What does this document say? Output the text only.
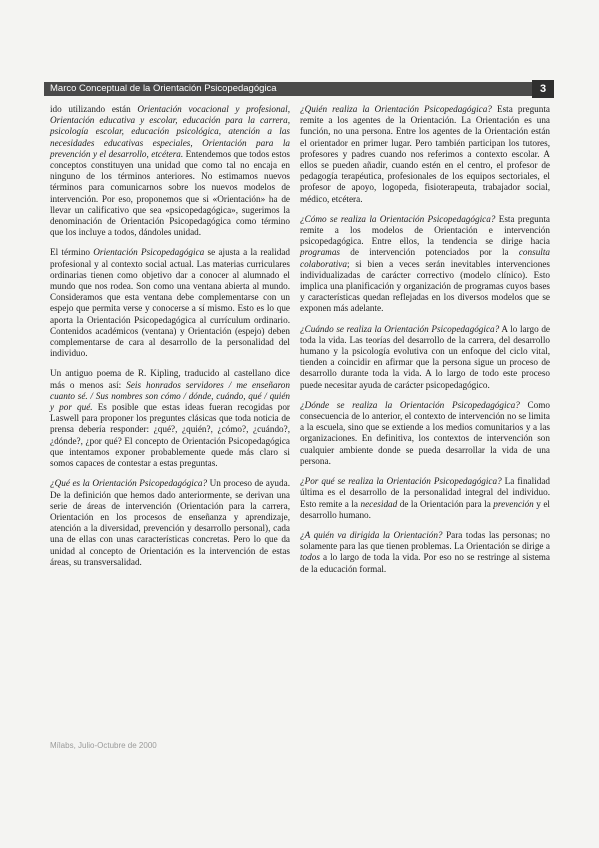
Marco Conceptual de la Orientación Psicopedagógica	3

ido utilizando están Orientación vocacional y profesional, Orientación educativa y escolar, educación para la carrera, psicología escolar, educación psicológica, atención a las necesidades educativas especiales, Orientación para la prevención y el desarrollo, etcétera. Entendemos que todos estos conceptos constituyen una unidad que como tal no encaja en ninguno de los términos anteriores. No estimamos nuevos términos para comunicarnos sobre los nuevos modelos de intervención. Por eso, proponemos que si «Orientación» ha de llevar un calificativo que sea «psicopedagógica», sugerimos la denominación de Orientación Psicopedagógica como término que los incluye a todos, dándoles unidad.

El término Orientación Psicopedagógica se ajusta a la realidad profesional y al contexto social actual. Las materias curriculares ordinarias tienen como objetivo dar a conocer al alumnado el mundo que nos rodea. Son como una ventana abierta al mundo. Consideramos que esta ventana debe complementarse con un espejo que permita verse y conocerse a sí mismo. Esto es lo que aporta la Orientación Psicopedagógica al currículum ordinario. Contenidos académicos (ventana) y Orientación (espejo) deben complementarse de cara al desarrollo de la personalidad del individuo.

Un antiguo poema de R. Kipling, traducido al castellano dice más o menos así: Seis honrados servidores / me enseñaron cuanto sé. / Sus nombres son cómo / dónde, cuándo, qué / quién y por qué. Es posible que estas ideas fueran recogidas por Laswell para proponer los preguntes clásicas que toda noticia de prensa debería responder: ¿qué?, ¿quién?, ¿cómo?, ¿cuándo?, ¿dónde?, ¿por qué? El concepto de Orientación Psicopedagógica que intentamos exponer probablemente quede más claro si somos capaces de contestar a estas preguntas.

¿Qué es la Orientación Psicopedagógica? Un proceso de ayuda. De la definición que hemos dado anteriormente, se derivan una serie de áreas de intervención (Orientación para la carrera, Orientación en los procesos de enseñanza y aprendizaje, atención a la diversidad, prevención y desarrollo personal), cada una de ellas con unas características concretas. Pero lo que da unidad al concepto de Orientación es la intervención de estas áreas, su transversalidad.

¿Quién realiza la Orientación Psicopedagógica? Esta pregunta remite a los agentes de la Orientación. La Orientación es una función, no una persona. Entre los agentes de la Orientación están el orientador en primer lugar. Pero también participan los tutores, profesores y padres cuando nos referimos a contexto escolar. A ellos se pueden añadir, cuando estén en el centro, el profesor de pedagogía terapéutica, profesionales de los equipos sectoriales, el profesor de apoyo, logopeda, fisioterapeuta, trabajador social, médico, etcétera.

¿Cómo se realiza la Orientación Psicopedagógica? Esta pregunta remite a los modelos de Orientación e intervención psicopedagógica. Entre ellos, la tendencia se dirige hacia programas de intervención potenciados por la consulta colaborativa; si bien a veces serán inevitables intervenciones individualizadas de carácter correctivo (modelo clínico). Esto implica una planificación y organización de programas cuyos bases y características quedan reflejadas en los diversos modelos que se exponen más adelante.

¿Cuándo se realiza la Orientación Psicopedagógica? A lo largo de toda la vida. Las teorías del desarrollo de la carrera, del desarrollo humano y la psicología evolutiva con un enfoque del ciclo vital, tienden a coincidir en afirmar que la persona sigue un proceso de desarrollo durante toda la vida. A lo largo de todo este proceso puede necesitar ayuda de carácter psicopedagógico.

¿Dónde se realiza la Orientación Psicopedagógica? Como consecuencia de lo anterior, el contexto de intervención no se limita a la escuela, sino que se extiende a los medios comunitarios y a las organizaciones. En definitiva, los contextos de intervención son cualquier ambiente donde se pueda desarrollar la vida de una persona.

¿Por qué se realiza la Orientación Psicopedagógica? La finalidad última es el desarrollo de la personalidad integral del individuo. Esto remite a la necesidad de la Orientación para la prevención y el desarrollo humano.

¿A quién va dirigida la Orientación? Para todas las personas; no solamente para las que tienen problemas. La Orientación se dirige a todos a lo largo de toda la vida. Por eso no se restringe al sistema de la educación formal.

Mílabs, Julio-Octubre de 2000
